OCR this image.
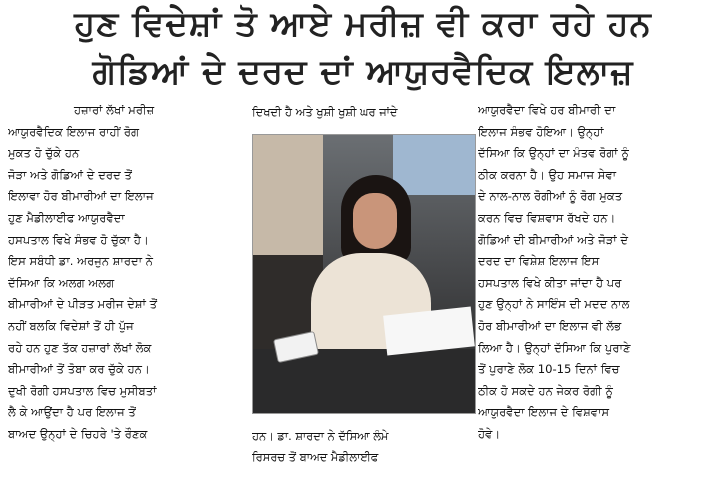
ਹੁਣ ਵਿਦੇਸ਼ਾਂ ਤੋ ਆਏ ਮਰੀਜ਼ ਵੀ ਕਰਾ ਰਹੇ ਹਨ
ਗੋਡਿਆਂ ਦੇ ਦਰਦ ਦਾਂ ਆਯੁਰਵੈਦਿਕ ਇਲਾਜ਼

ਹਜ਼ਾਰਾਂ ਲੱਖਾਂ ਮਰੀਜ਼

ਆਯੁਰਵੈਦਿਕ ਇਲਾਜ ਰਾਹੀਂ ਰੋਗ

ਮੁਕਤ ਹੋ ਚੁੱਕੇ ਹਨ

ਜੋੜਾ ਅਤੇ ਗੋਡਿਆਂ ਦੇ ਦਰਦ ਤੋਂ

ਇਲਾਵਾ ਹੋਰ ਬੀਮਾਰੀਆਂ ਦਾ ਇਲਾਜ

ਹੁਣ ਮੈਡੀਲਾਈਫ ਆਯੁਰਵੈਦਾ

ਹਸਪਤਾਲ ਵਿਖੇ ਸੰਭਵ ਹੋ ਚੁੱਕਾ ਹੈ।

ਇਸ ਸਬੰਧੀ ਡਾ. ਅਰਜੁਨ ਸ਼ਾਰਦਾ ਨੇ

ਦੱਸਿਆ ਕਿ ਅਲਗ ਅਲਗ

ਬੀਮਾਰੀਆਂ ਦੇ ਪੀੜਤ ਮਰੀਜ ਦੇਸ਼ਾਂ ਤੋਂ

ਨਹੀਂ ਬਲਕਿ ਵਿਦੇਸ਼ਾਂ ਤੋਂ ਹੀ ਪੁੱਜ

ਰਹੇ ਹਨ ਹੁਣ ਤੱਕ ਹਜ਼ਾਰਾਂ ਲੱਖਾਂ ਲੋਕ

ਬੀਮਾਰੀਆਂ ਤੋਂ ਤੋਬਾ ਕਰ ਚੁੱਕੇ ਹਨ।

ਦੁਖੀ ਰੋਗੀ ਹਸਪਤਾਲ ਵਿਚ ਮੁਸੀਬਤਾਂ

ਲੈ ਕੇ ਆਉਂਦਾ ਹੈ ਪਰ ਇਲਾਜ ਤੋਂ

ਬਾਅਦ ਉਨ੍ਹਾਂ ਦੇ ਚਿਹਰੇ 'ਤੇ ਰੌਣਕ

ਦਿਖਦੀ ਹੈ ਅਤੇ ਖੁਸ਼ੀ ਖੁਸ਼ੀ ਘਰ ਜਾਂਦੇ

ਹਨ। ਡਾ. ਸ਼ਾਰਦਾ ਨੇ ਦੱਸਿਆ ਲੰਮੇ

ਰਿਸਰਚ ਤੋਂ ਬਾਅਦ ਮੈਡੀਲਾਈਫ

ਆਯੁਰਵੈਦਾ ਵਿਖੇ ਹਰ ਬੀਮਾਰੀ ਦਾ

ਇਲਾਜ ਸੰਭਵ ਹੋਇਆ। ਉਨ੍ਹਾਂ

ਦੱਸਿਆ ਕਿ ਉਨ੍ਹਾਂ ਦਾ ਮੰਤਵ ਰੋਗਾਂ ਨੂੰ

ਠੀਕ ਕਰਨਾ ਹੈ। ਉਹ ਸਮਾਜ ਸੇਵਾ

ਦੇ ਨਾਲ-ਨਾਲ ਰੋਗੀਆਂ ਨੂੰ ਰੋਗ ਮੁਕਤ

ਕਰਨ ਵਿਚ ਵਿਸ਼ਵਾਸ ਰੱਖਦੇ ਹਨ।

ਗੋਡਿਆਂ ਦੀ ਬੀਮਾਰੀਆਂ ਅਤੇ ਜੋੜਾਂ ਦੇ

ਦਰਦ ਦਾ ਵਿਸ਼ੇਸ਼ ਇਲਾਜ ਇਸ

ਹਸਪਤਾਲ ਵਿਖੇ ਕੀਤਾ ਜਾਂਦਾ ਹੈ ਪਰ

ਹੁਣ ਉਨ੍ਹਾਂ ਨੇ ਸਾਇੰਸ ਦੀ ਮਦਦ ਨਾਲ

ਹੋਰ ਬੀਮਾਰੀਆਂ ਦਾ ਇਲਾਜ ਵੀ ਲੱਭ

ਲਿਆ ਹੈ। ਉਨ੍ਹਾਂ ਦੱਸਿਆ ਕਿ ਪੁਰਾਣੇ

ਤੋਂ ਪੁਰਾਣੇ ਲੋਕ 10-15 ਦਿਨਾਂ ਵਿਚ

ਠੀਕ ਹੋ ਸਕਦੇ ਹਨ ਜੇਕਰ ਰੋਗੀ ਨੂੰ

ਆਯੁਰਵੈਦਾ ਇਲਾਜ ਦੇ ਵਿਸ਼ਵਾਸ

ਹੋਵੇ।
